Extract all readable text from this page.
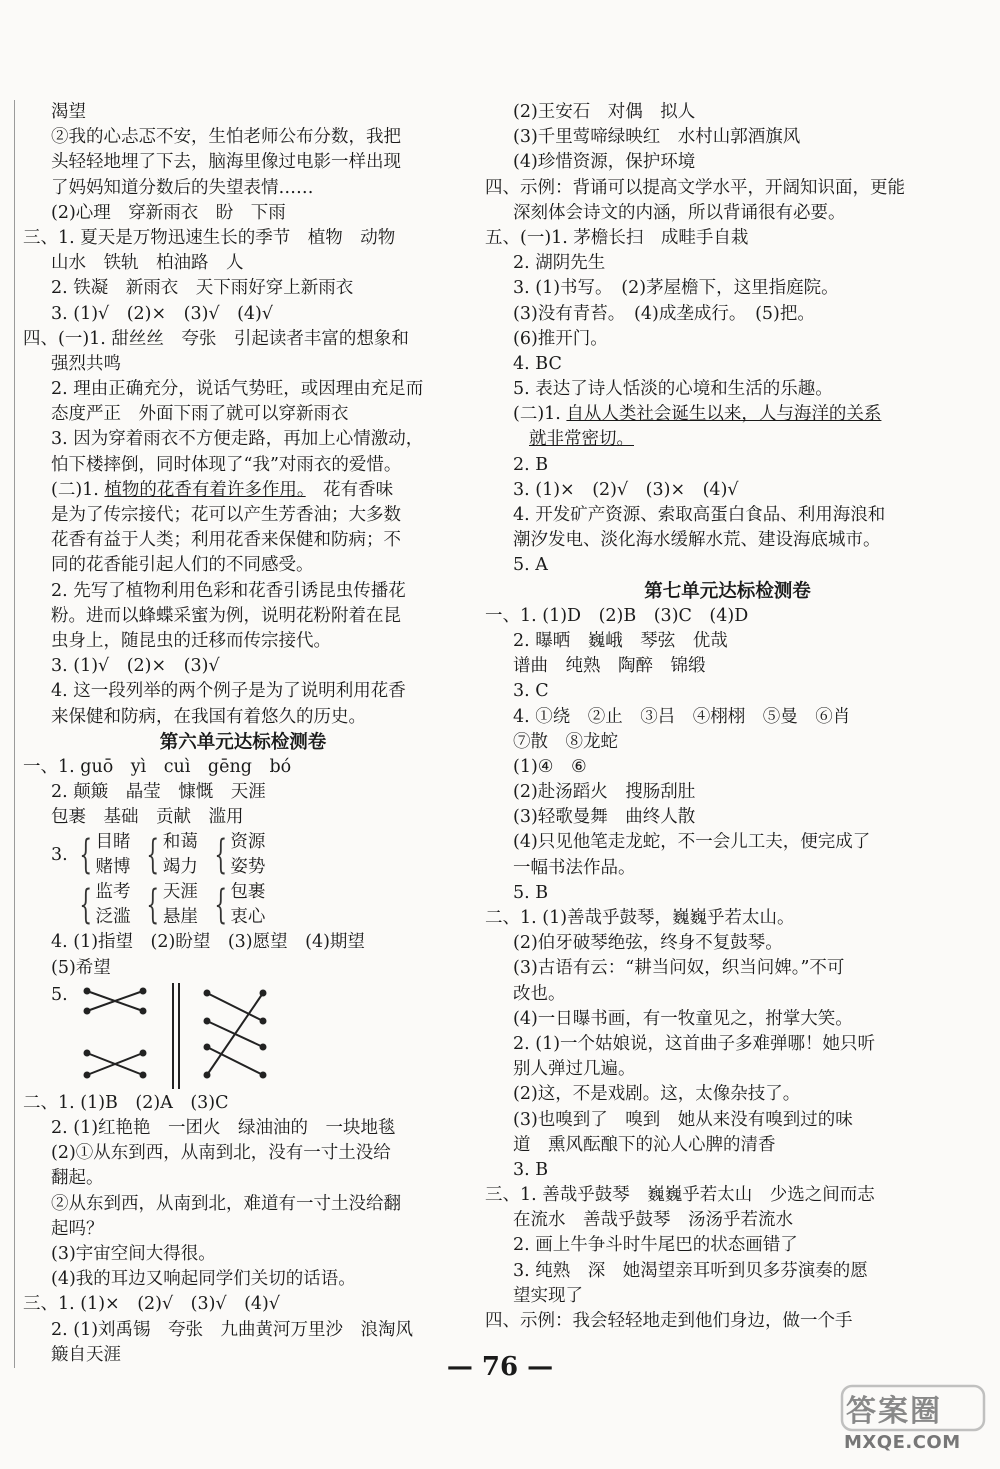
渴望
②我的心忐忑不安，生怕老师公布分数，我把
头轻轻地埋了下去，脑海里像过电影一样出现
了妈妈知道分数后的失望表情……
(2)心理　穿新雨衣　盼　下雨
三、1. 夏天是万物迅速生长的季节　植物　动物
山水　铁轨　柏油路　人
2. 铁凝　新雨衣　天下雨好穿上新雨衣
3. (1)√　(2)×　(3)√　(4)√
四、(一)1. 甜丝丝　夸张　引起读者丰富的想象和
强烈共鸣
2. 理由正确充分，说话气势旺，或因理由充足而
态度严正　外面下雨了就可以穿新雨衣
3. 因为穿着雨衣不方便走路，再加上心情激动，
怕下楼摔倒，同时体现了“我”对雨衣的爱惜。
(二)1. 植物的花香有着许多作用。　花有香味
是为了传宗接代；花可以产生芳香油；大多数
花香有益于人类；利用花香来保健和防病；不
同的花香能引起人们的不同感受。
2. 先写了植物利用色彩和花香引诱昆虫传播花
粉。进而以蜂蝶采蜜为例，说明花粉附着在昆
虫身上，随昆虫的迁移而传宗接代。
3. (1)√　(2)×　(3)√
4. 这一段列举的两个例子是为了说明利用花香
来保健和防病，在我国有着悠久的历史。
第六单元达标检测卷
一、1. guō　yì　cuì　gēng　bó
2. 颠簸　晶莹　慷慨　天涯
包裹　基础　贡献　滥用
3. { 目睹
赌博 { 和蔼
竭力 { 资源
姿势
{ 监考
泛滥 { 天涯
悬崖 { 包裹
衷心
4. (1)指望　(2)盼望　(3)愿望　(4)期望
(5)希望
5.
二、1. (1)B　(2)A　(3)C
2. (1)红艳艳　一团火　绿油油的　一块地毯
(2)①从东到西，从南到北，没有一寸土没给
翻起。
②从东到西，从南到北，难道有一寸土没给翻
起吗？
(3)宇宙空间大得很。
(4)我的耳边又响起同学们关切的话语。
三、1. (1)×　(2)√　(3)√　(4)√
2. (1)刘禹锡　夸张　九曲黄河万里沙　浪淘风
簸自天涯
(2)王安石　对偶　拟人
(3)千里莺啼绿映红　水村山郭酒旗风
(4)珍惜资源，保护环境
四、示例：背诵可以提高文学水平，开阔知识面，更能
深刻体会诗文的内涵，所以背诵很有必要。
五、(一)1. 茅檐长扫　成畦手自栽
2. 湖阴先生
3. (1)书写。　(2)茅屋檐下，这里指庭院。
(3)没有青苔。　(4)成垄成行。　(5)把。
(6)推开门。
4. BC
5. 表达了诗人恬淡的心境和生活的乐趣。
(二)1. 自从人类社会诞生以来，人与海洋的关系
就非常密切。
2. B
3. (1)×　(2)√　(3)×　(4)√
4. 开发矿产资源、索取高蛋白食品、利用海浪和
潮汐发电、淡化海水缓解水荒、建设海底城市。
5. A
第七单元达标检测卷
一、1. (1)D　(2)B　(3)C　(4)D
2. 曝晒　巍峨　琴弦　优哉
谱曲　纯熟　陶醉　锦缎
3. C
4. ①绕　②止　③吕　④栩栩　⑤曼　⑥肖
⑦散　⑧龙蛇
(1)④　⑥
(2)赴汤蹈火　搜肠刮肚
(3)轻歌曼舞　曲终人散
(4)只见他笔走龙蛇，不一会儿工夫，便完成了
一幅书法作品。
5. B
二、1. (1)善哉乎鼓琴，巍巍乎若太山。
(2)伯牙破琴绝弦，终身不复鼓琴。
(3)古语有云：“耕当问奴，织当问婢。”不可
改也。
(4)一日曝书画，有一牧童见之，拊掌大笑。
2. (1)一个姑娘说，这首曲子多难弹哪！她只听
别人弹过几遍。
(2)这，不是戏剧。这，太像杂技了。
(3)也嗅到了　嗅到　她从来没有嗅到过的味
道　熏风酝酿下的沁人心脾的清香
3. B
三、1. 善哉乎鼓琴　巍巍乎若太山　少选之间而志
在流水　善哉乎鼓琴　汤汤乎若流水
2. 画上牛争斗时牛尾巴的状态画错了
3. 纯熟　深　她渴望亲耳听到贝多芬演奏的愿
望实现了
四、示例：我会轻轻地走到他们身边，做一个手
— 76 —
答案圈
MXQE.COM
